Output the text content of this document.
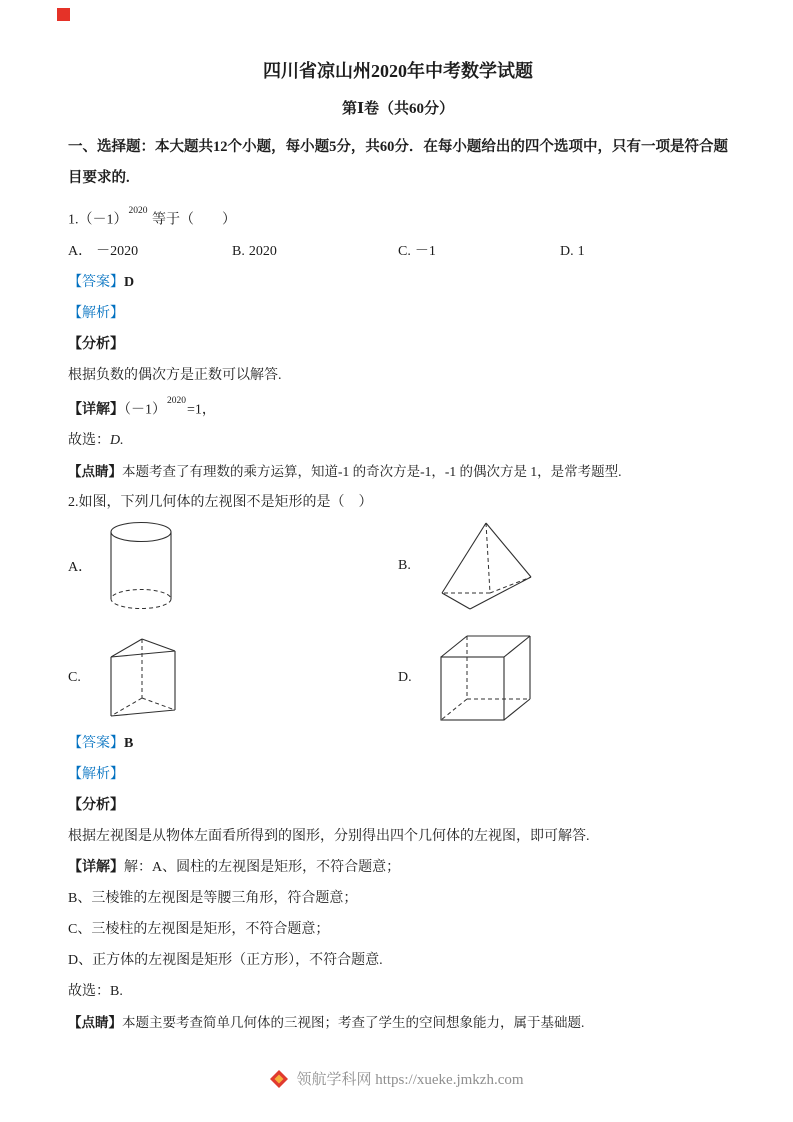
四川省凉山州2020年中考数学试题
第Ⅰ卷（共60分）

一、选择题：本大题共12个小题，每小题5分，共60分．在每小题给出的四个选项中，只有一项是符合题目要求的.

$1.(-1)^{2020}$ 等于（　　）

A． －2020	B. 2020	C. －1	D. 1

【答案】D

【解析】

【分析】

根据负数的偶次方是正数可以解答.

【详解】$(-1)^{2020}=1$，

故选：D.

【点睛】本题考查了有理数的乘方运算，知道-1 的奇次方是-1，-1 的偶次方是 1，是常考题型.

2.如图，下列几何体的左视图不是矩形的是（　）

A．	B.
C.	D.

【答案】B

【解析】

【分析】

根据左视图是从物体左面看所得到的图形，分别得出四个几何体的左视图，即可解答.

【详解】解：A、圆柱的左视图是矩形，不符合题意；

B、三棱锥的左视图是等腰三角形，符合题意；

C、三棱柱的左视图是矩形，不符合题意；

D、正方体的左视图是矩形（正方形），不符合题意.

故选：B.

【点睛】本题主要考查简单几何体的三视图；考查了学生的空间想象能力，属于基础题.

领航学科网 https://xueke.jmkzh.com
